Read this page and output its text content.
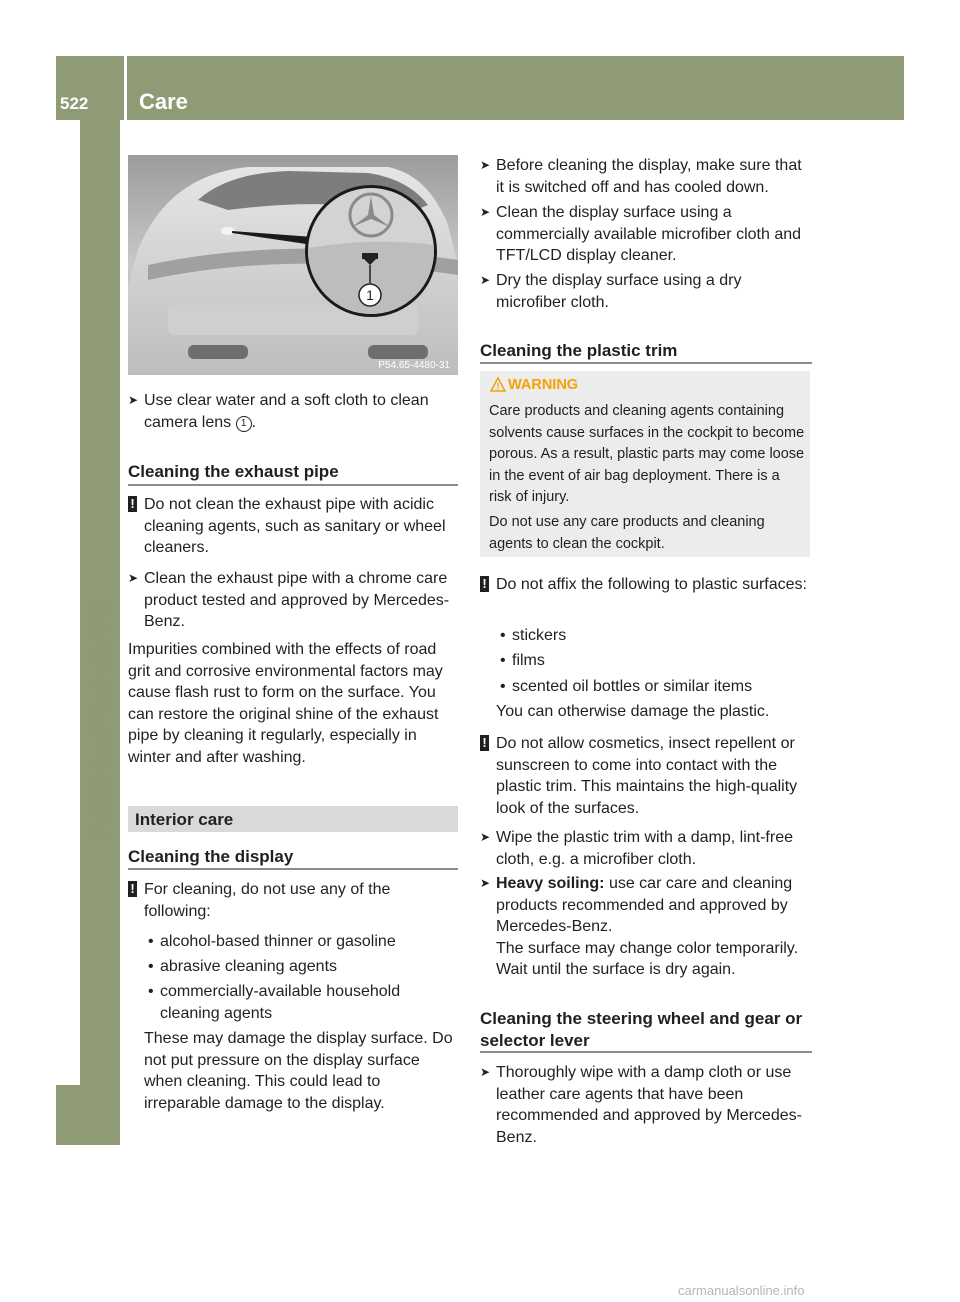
522	Care
Maintenance and care
1
P54.65-4480-31
➤ Use clear water and a soft cloth to clean camera lens 1 .
Cleaning the exhaust pipe
! Do not clean the exhaust pipe with acidic cleaning agents, such as sanitary or wheel cleaners.
➤ Clean the exhaust pipe with a chrome care product tested and approved by Mercedes-Benz.
Impurities combined with the effects of road grit and corrosive environmental factors may cause flash rust to form on the surface. You can restore the original shine of the exhaust pipe by cleaning it regularly, especially in winter and after washing.
Interior care
Cleaning the display
! For cleaning, do not use any of the following:
• alcohol-based thinner or gasoline
• abrasive cleaning agents
• commercially-available household cleaning agents
These may damage the display surface. Do not put pressure on the display surface when cleaning. This could lead to irreparable damage to the display.
➤ Before cleaning the display, make sure that it is switched off and has cooled down.
➤ Clean the display surface using a commercially available microfiber cloth and TFT/LCD display cleaner.
➤ Dry the display surface using a dry microfiber cloth.
Cleaning the plastic trim
! WARNING
Care products and cleaning agents containing solvents cause surfaces in the cockpit to become porous. As a result, plastic parts may come loose in the event of air bag deployment. There is a risk of injury.
Do not use any care products and cleaning agents to clean the cockpit.
! Do not affix the following to plastic surfaces:
• stickers
• films
• scented oil bottles or similar items
You can otherwise damage the plastic.
! Do not allow cosmetics, insect repellent or sunscreen to come into contact with the plastic trim. This maintains the high-quality look of the surfaces.
➤ Wipe the plastic trim with a damp, lint-free cloth, e.g. a microfiber cloth.
➤ Heavy soiling: use car care and cleaning products recommended and approved by Mercedes-Benz.
The surface may change color temporarily. Wait until the surface is dry again.
Cleaning the steering wheel and gear or selector lever
➤ Thoroughly wipe with a damp cloth or use leather care agents that have been recommended and approved by Mercedes-Benz.
carmanualsonline.info
